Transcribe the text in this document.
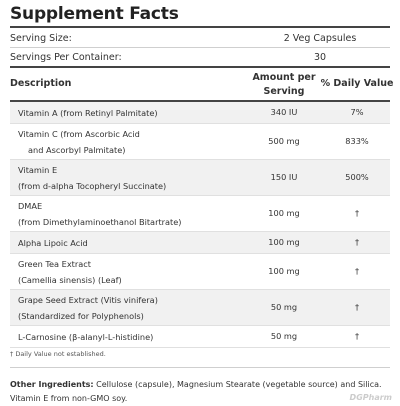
Supplement Facts
Serving Size:	2 Veg Capsules
Servings Per Container:	30
Description
Amount per
Serving
% Daily Value
Vitamin A (from Retinyl Palmitate)	340 IU	7%
Vitamin C (from Ascorbic Acid
and Ascorbyl Palmitate)
500 mg	833%
Vitamin E
(from d-alpha Tocopheryl Succinate)
150 IU	500%
DMAE
(from Dimethylaminoethanol Bitartrate)
100 mg	†
Alpha Lipoic Acid	100 mg	†
Green Tea Extract
(Camellia sinensis) (Leaf)
100 mg	†
Grape Seed Extract (Vitis vinifera)
(Standardized for Polyphenols)
50 mg	†
L-Carnosine (β-alanyl-L-histidine)	50 mg	†
† Daily Value not established.
Other Ingredients: Cellulose (capsule), Magnesium Stearate (vegetable source) and Silica.
Vitamin E from non-GMO soy.	DGPharm
